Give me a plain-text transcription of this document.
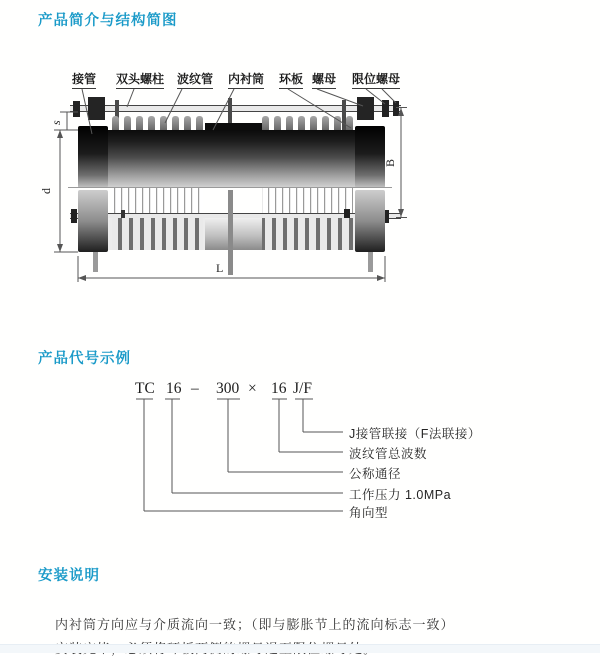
产品简介与结构简图
接管 双头螺柱 波纹管 内衬筒 环板 螺母 限位螺母
s
d
B
L
产品代号示例
TC 16 – 300 × 16 J/F
J接管联接（F法联接）
波纹管总波数
公称通径
工作压力 1.0MPa
角向型
安装说明

内衬筒方向应与介质流向一致；（即与膨胀节上的流向标志一致）
